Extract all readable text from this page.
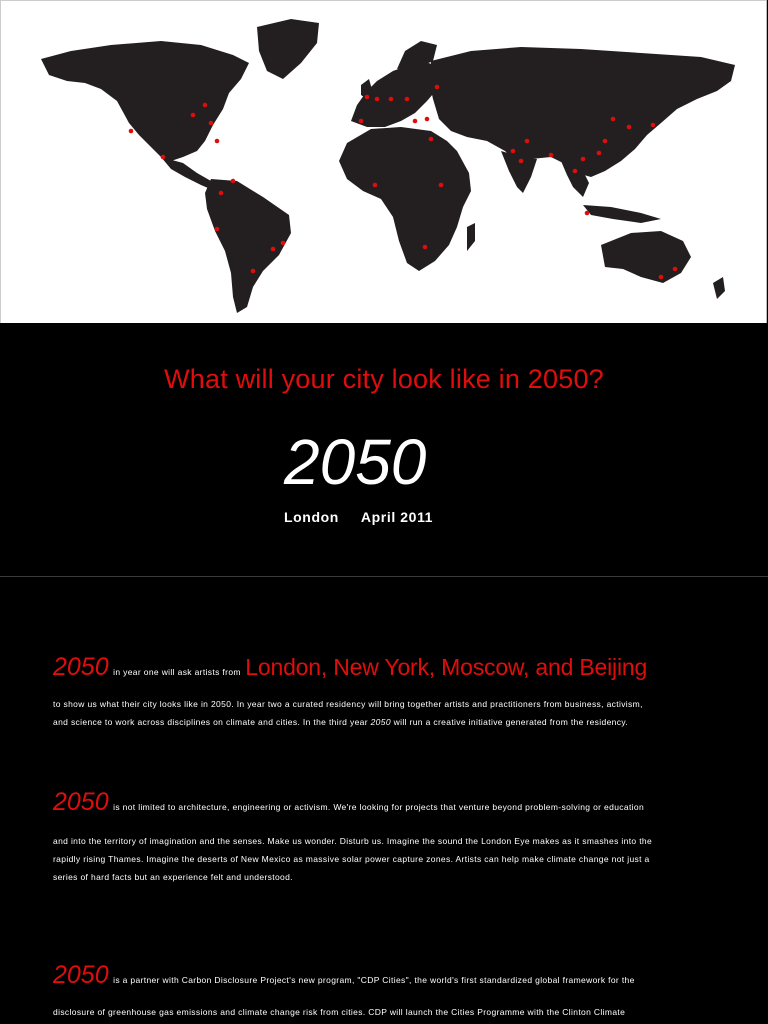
What will your city look like in 2050?
2050
London April 2011
2050 in year one will ask artists from London, New York, Moscow, and Beijing
to show us what their city looks like in 2050. In year two a curated residency will bring together artists and practitioners from business, activism,
and science to work across disciplines on climate and cities. In the third year 2050 will run a creative initiative generated from the residency.
2050 is not limited to architecture, engineering or activism. We're looking for projects that venture beyond problem-solving or education
and into the territory of imagination and the senses. Make us wonder. Disturb us. Imagine the sound the London Eye makes as it smashes into the
rapidly rising Thames. Imagine the deserts of New Mexico as massive solar power capture zones. Artists can help make climate change not just a
series of hard facts but an experience felt and understood.
2050 is a partner with Carbon Disclosure Project's new program, "CDP Cities", the world's first standardized global framework for the
disclosure of greenhouse gas emissions and climate change risk from cities. CDP will launch the Cities Programme with the Clinton Climate
